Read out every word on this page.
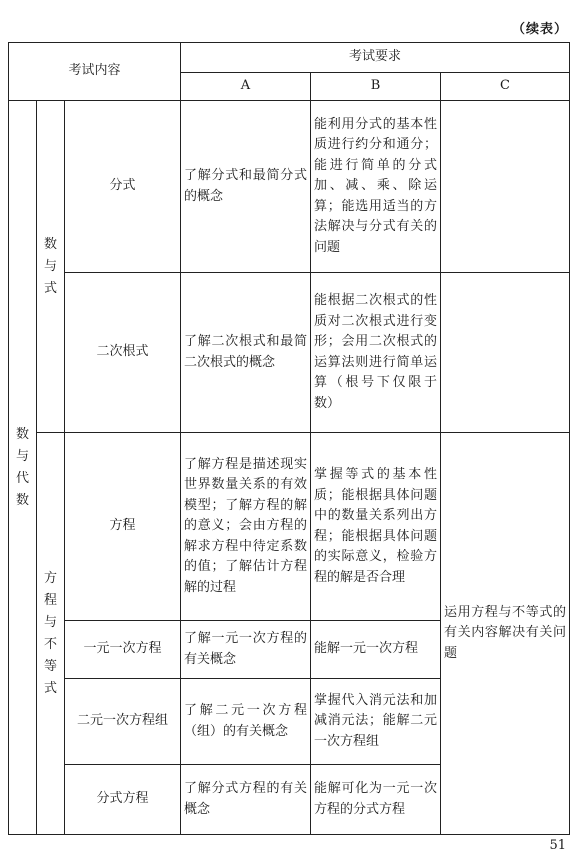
（续表）
考试内容			考试要求		
			A	B	C

数与代数	数与式	分式	了解分式和最简分式的概念	能利用分式的基本性质进行约分和通分；能进行简单的分式加、减、乘、除运算；能选用适当的方法解决与分式有关的问题	

		二次根式	了解二次根式和最简二次根式的概念	能根据二次根式的性质对二次根式进行变形；会用二次根式的运算法则进行简单运算（根号下仅限于数）	

	方程与不等式	方程	了解方程是描述现实世界数量关系的有效模型；了解方程的解的意义；会由方程的解求方程中待定系数的值；了解估计方程解的过程	掌握等式的基本性质；能根据具体问题中的数量关系列出方程；能根据具体问题的实际意义，检验方程的解是否合理	运用方程与不等式的有关内容解决有关问题

		一元一次方程	了解一元一次方程的有关概念	能解一元一次方程	

		二元一次方程组	了解二元一次方程（组）的有关概念	掌握代入消元法和加减消元法；能解二元一次方程组	

		分式方程	了解分式方程的有关概念	能解可化为一元一次方程的分式方程	
51
